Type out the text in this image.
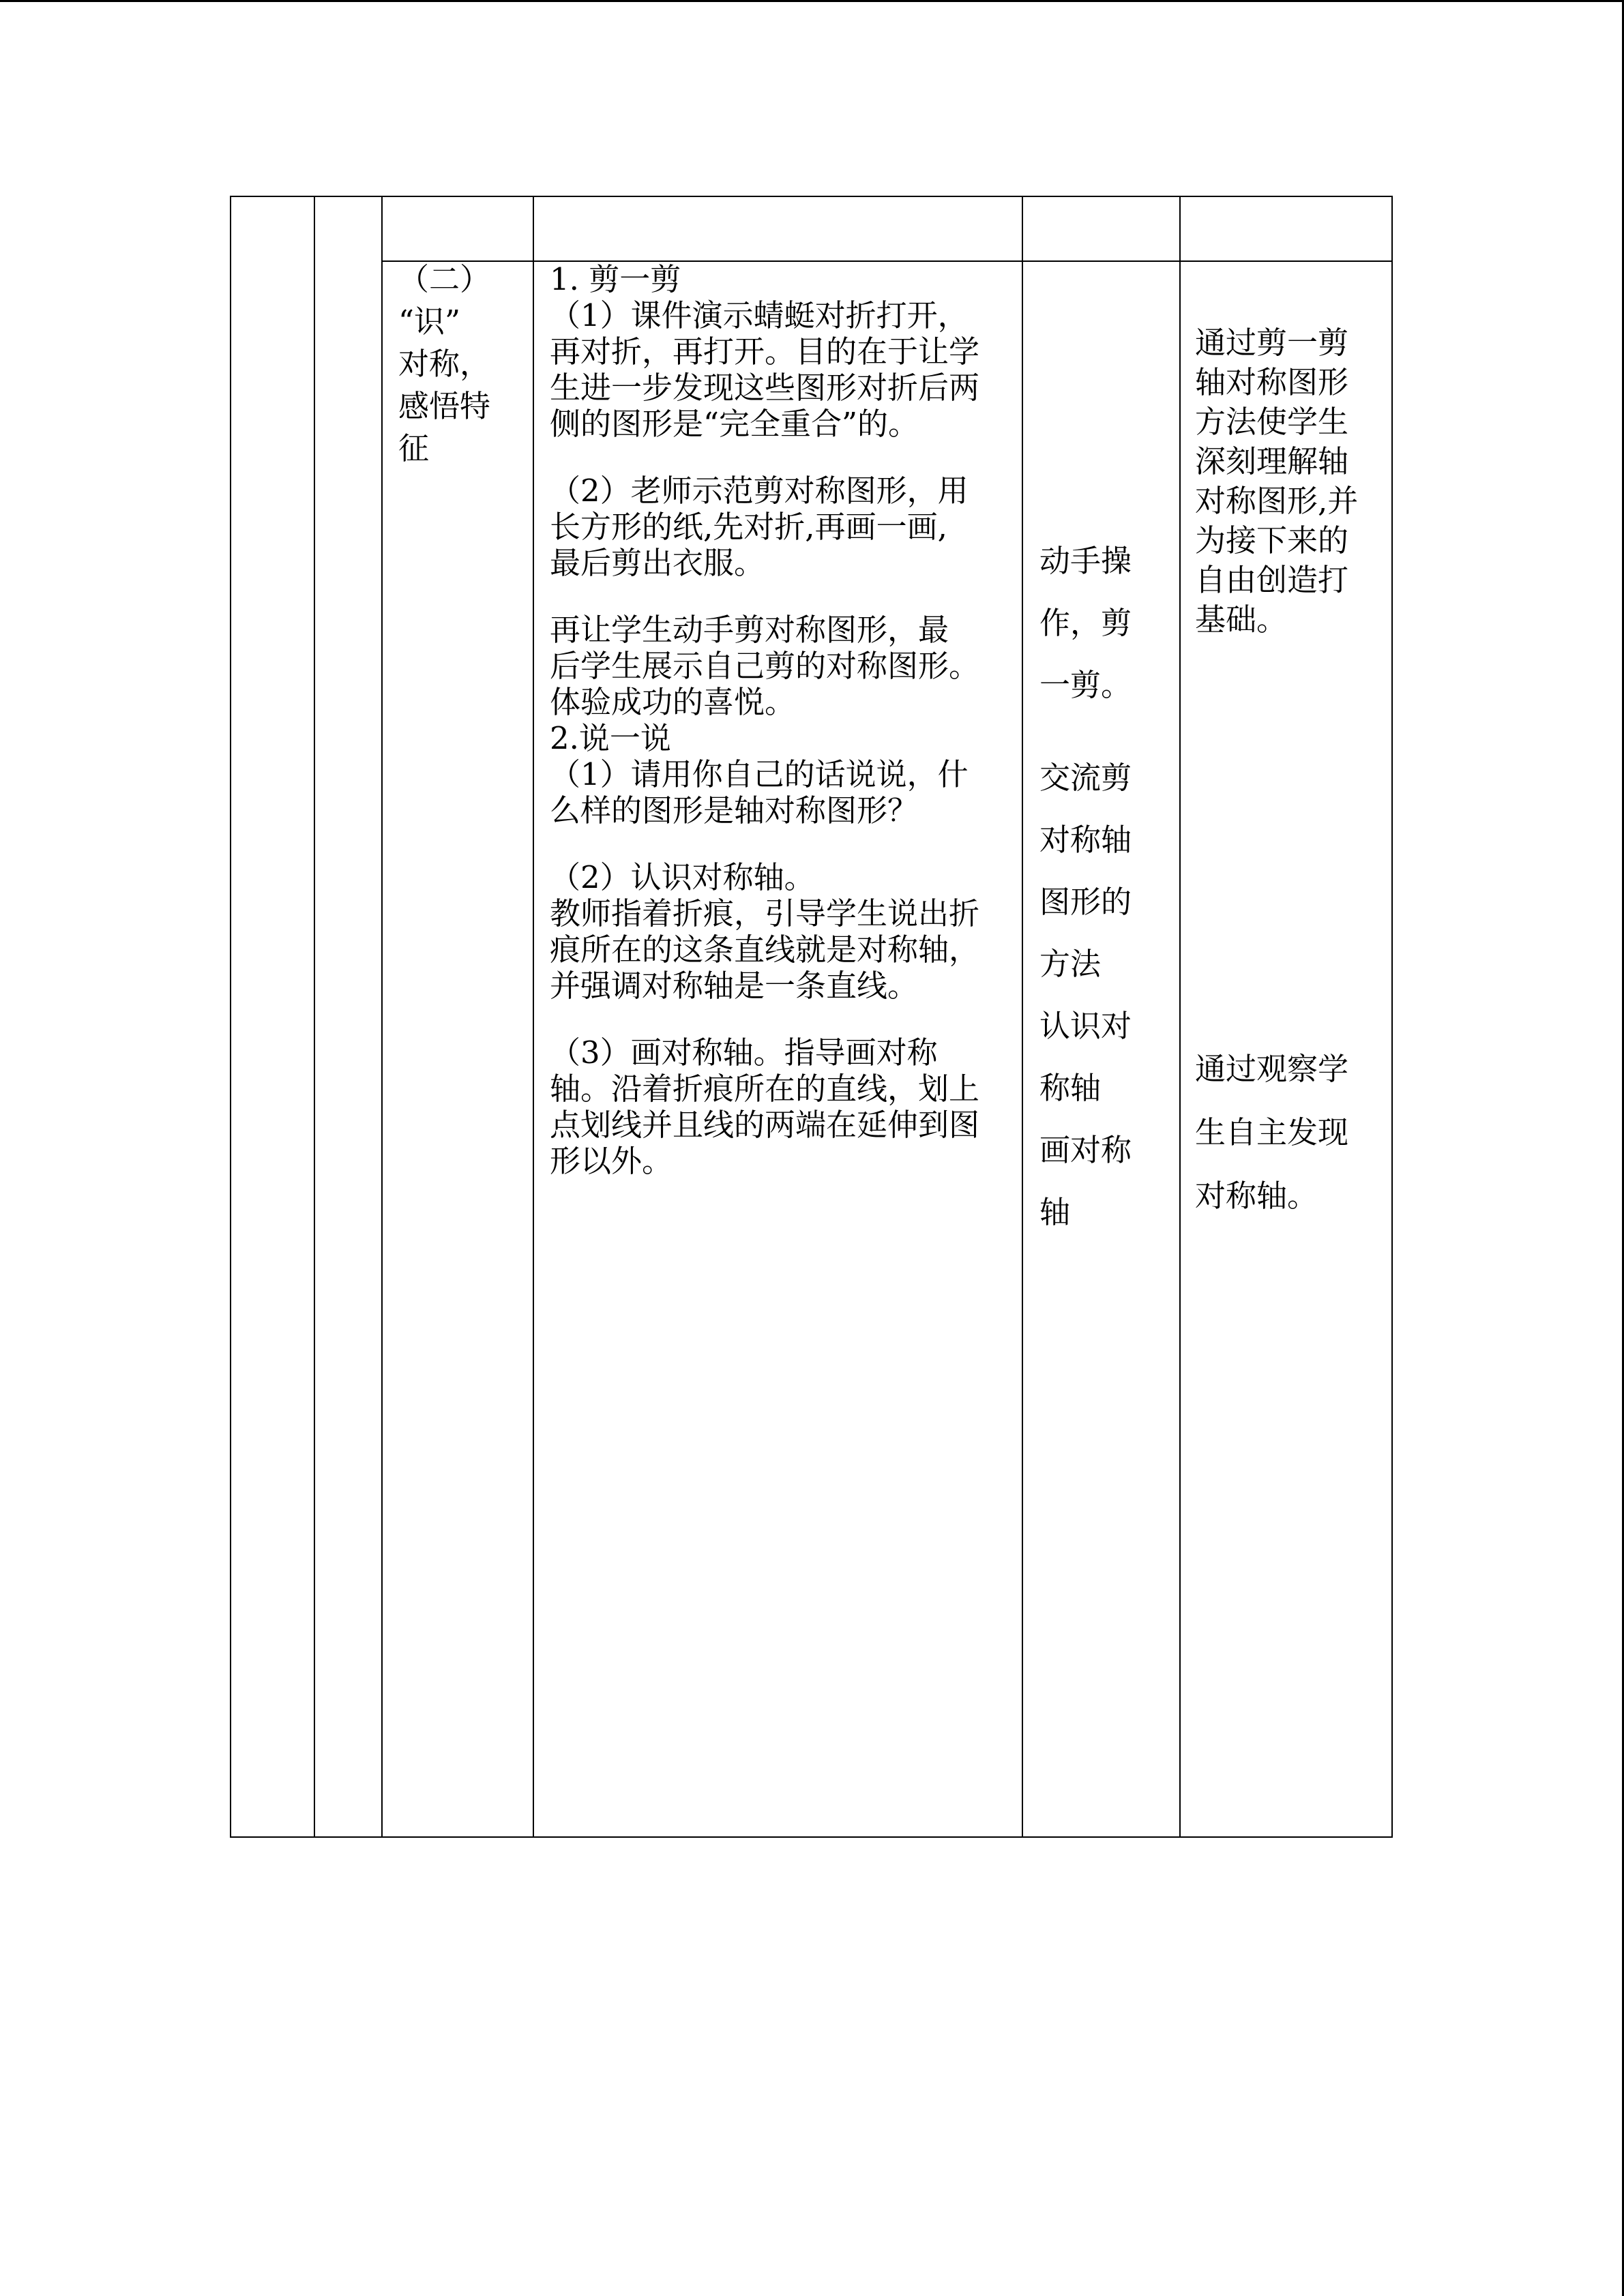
（二）
“识”
对称，
感悟特
征
1. 剪一剪
（1）课件演示蜻蜓对折打开，
再对折，再打开。目的在于让学
生进一步发现这些图形对折后两
侧的图形是“完全重合”的。
（2）老师示范剪对称图形，用
长方形的纸,先对折,再画一画,
最后剪出衣服。
再让学生动手剪对称图形，最
后学生展示自己剪的对称图形。
体验成功的喜悦。
2.说一说
（1）请用你自己的话说说，什
么样的图形是轴对称图形？
（2）认识对称轴。
教师指着折痕，引导学生说出折
痕所在的这条直线就是对称轴，
并强调对称轴是一条直线。
（3）画对称轴。指导画对称
轴。沿着折痕所在的直线，划上
点划线并且线的两端在延伸到图
形以外。
动手操
作，剪
一剪。
交流剪
对称轴
图形的
方法
认识对
称轴
画对称
轴
通过剪一剪
轴对称图形
方法使学生
深刻理解轴
对称图形,并
为接下来的
自由创造打
基础。
通过观察学
生自主发现
对称轴。
